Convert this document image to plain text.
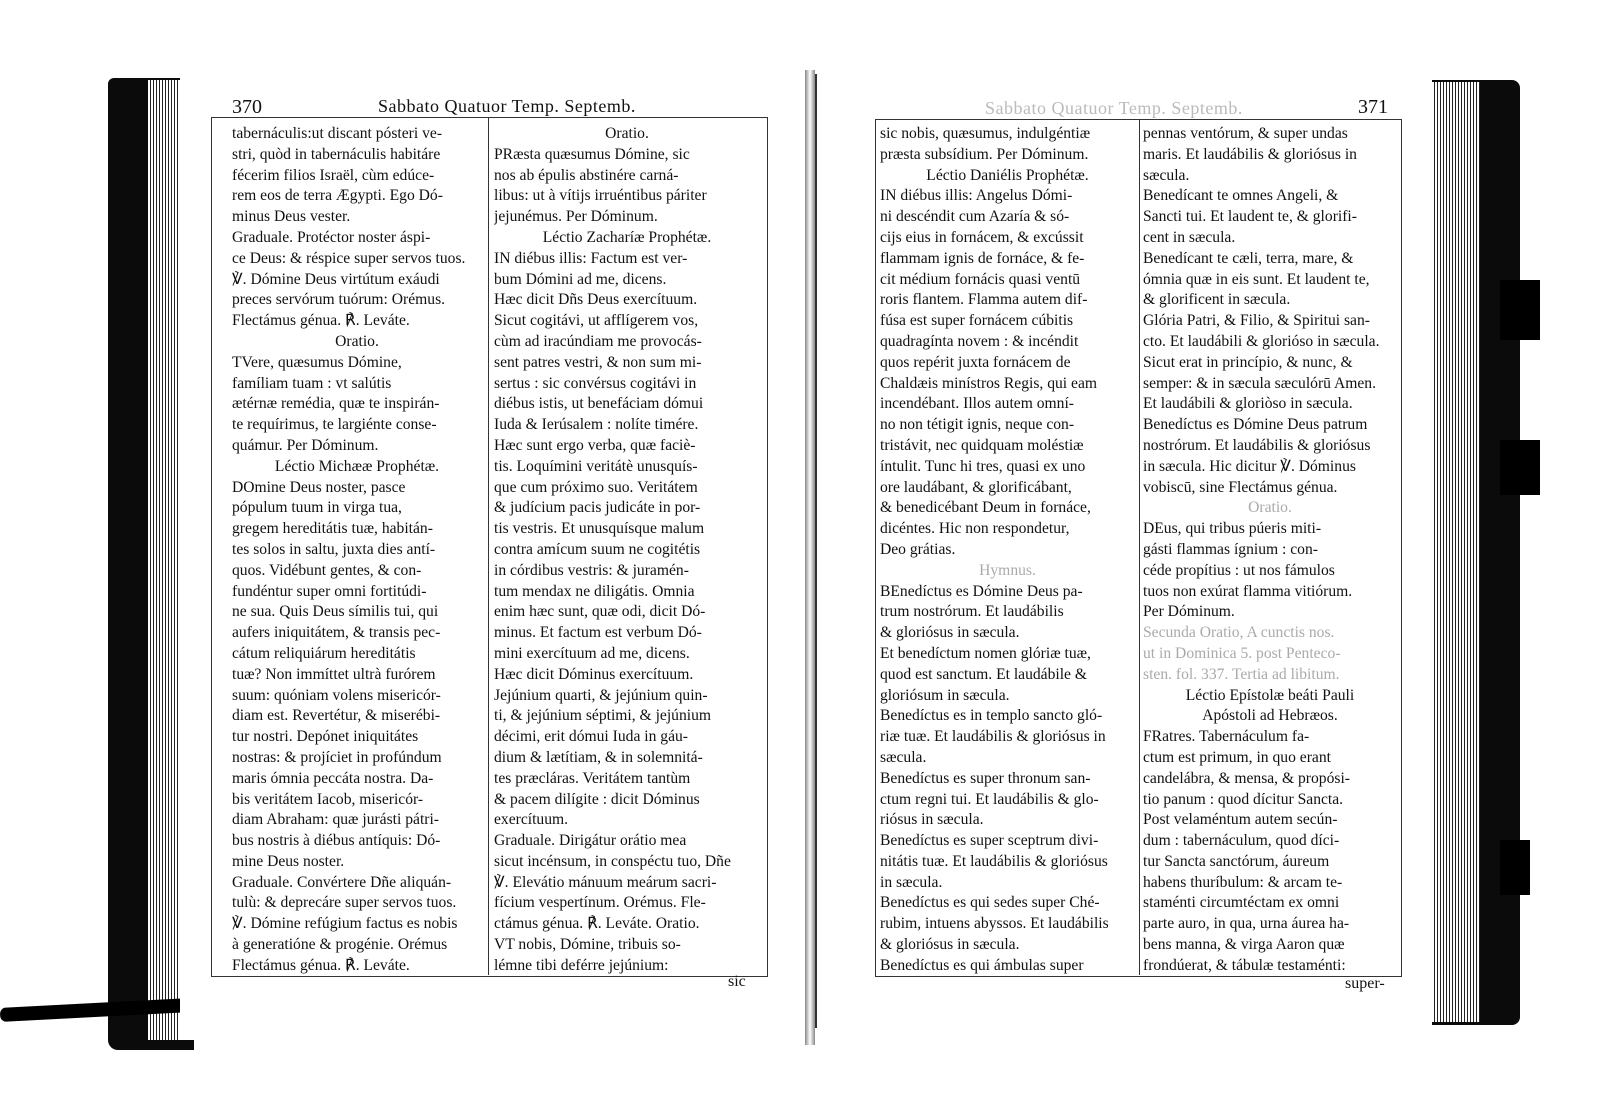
370	Sabbato Quatuor Temp. Septemb.	Sabbato Quatuor Temp. Septemb.	371

tabernáculis:ut discant pósteri ve-

stri, quòd in tabernáculis habitáre

fécerim filios Israël, cùm edúce-

rem eos de terra Ægypti. Ego Dó-

minus Deus vester.

Graduale. Protéctor noster áspi-

ce Deus: & réspice super servos tuos.

℣. Dómine Deus virtútum exáudi

preces servórum tuórum: Orémus.

Flectámus génua. ℟. Leváte.

Oratio.

TVere, quæsumus Dómine,

famíliam tuam : vt salútis

ætérnæ remédia, quæ te inspirán-

te requírimus, te largiénte conse-

quámur. Per Dóminum.

Léctio Michææ Prophétæ.

DOmine Deus noster, pasce

pópulum tuum in virga tua,

gregem hereditátis tuæ, habitán-

tes solos in saltu, juxta dies antí-

quos. Vidébunt gentes, & con-

fundéntur super omni fortitúdi-

ne sua. Quis Deus símilis tui, qui

aufers iniquitátem, & transis pec-

cátum reliquiárum hereditátis

tuæ? Non immíttet ultrà furórem

suum: quóniam volens misericór-

diam est. Revertétur, & miserébi-

tur nostri. Depónet iniquitátes

nostras: & projíciet in profúndum

maris ómnia peccáta nostra. Da-

bis veritátem Iacob, misericór-

diam Abraham: quæ jurásti pátri-

bus nostris à diébus antíquis: Dó-

mine Deus noster.

Graduale. Convértere Dñe aliquán-

tulù: & deprecáre super servos tuos.

℣. Dómine refúgium factus es nobis

à generatióne & progénie. Orémus

Flectámus génua. ℟. Leváte.

Oratio.

PRæsta quæsumus Dómine, sic

nos ab épulis abstinére carná-

libus: ut à vítijs irruéntibus páriter

jejunémus. Per Dóminum.

Léctio Zacharíæ Prophétæ.

IN diébus illis: Factum est ver-

bum Dómini ad me, dicens.

Hæc dicit Dñs Deus exercítuum.

Sicut cogitávi, ut afflígerem vos,

cùm ad iracúndiam me provocás-

sent patres vestri, & non sum mi-

sertus : sic convérsus cogitávi in

diébus istis, ut benefáciam dómui

Iuda & Ierúsalem : nolíte timére.

Hæc sunt ergo verba, quæ faciè-

tis. Loquímini veritátè unusquís-

que cum próximo suo. Veritátem

& judícium pacis judicáte in por-

tis vestris. Et unusquísque malum

contra amícum suum ne cogitétis

in córdibus vestris: & juramén-

tum mendax ne diligátis. Omnia

enim hæc sunt, quæ odi, dicit Dó-

minus. Et factum est verbum Dó-

mini exercítuum ad me, dicens.

Hæc dicit Dóminus exercítuum.

Jejúnium quarti, & jejúnium quin-

ti, & jejúnium séptimi, & jejúnium

décimi, erit dómui Iuda in gáu-

dium & lætítiam, & in solemnitá-

tes præcláras. Veritátem tantùm

& pacem dilígite : dicit Dóminus

exercítuum.

Graduale. Dirigátur orátio mea

sicut incénsum, in conspéctu tuo, Dñe

℣. Elevátio mánuum meárum sacri-

fícium vespertínum. Orémus. Fle-

ctámus génua. ℟. Leváte. Oratio.

VT nobis, Dómine, tribuis so-

lémne tibi deférre jejúnium:

sic nobis, quæsumus, indulgéntiæ

præsta subsídium. Per Dóminum.

Léctio Daniélis Prophétæ.

IN diébus illis: Angelus Dómi-

ni descéndit cum Azaría & só-

cijs eius in fornácem, & excússit

flammam ignis de fornáce, & fe-

cit médium fornácis quasi ventū

roris flantem. Flamma autem dif-

fúsa est super fornácem cúbitis

quadragínta novem : & incéndit

quos repérit juxta fornácem de

Chaldæis minístros Regis, qui eam

incendébant. Illos autem omní-

no non tétigit ignis, neque con-

tristávit, nec quidquam moléstiæ

íntulit. Tunc hi tres, quasi ex uno

ore laudábant, & glorificábant,

& benedicébant Deum in fornáce,

dicéntes. Hic non respondetur,

Deo grátias.

Hymnus.

BEnedíctus es Dómine Deus pa-

trum nostrórum. Et laudábilis

& gloriósus in sæcula.

Et benedíctum nomen glóriæ tuæ,

quod est sanctum. Et laudábile &

gloriósum in sæcula.

Benedíctus es in templo sancto gló-

riæ tuæ. Et laudábilis & gloriósus in

sæcula.

Benedíctus es super thronum san-

ctum regni tui. Et laudábilis & glo-

riósus in sæcula.

Benedíctus es super sceptrum divi-

nitátis tuæ. Et laudábilis & gloriósus

in sæcula.

Benedíctus es qui sedes super Ché-

rubim, intuens abyssos. Et laudábilis

& gloriósus in sæcula.

Benedíctus es qui ámbulas super

pennas ventórum, & super undas

maris. Et laudábilis & gloriósus in

sæcula.

Benedícant te omnes Angeli, &

Sancti tui. Et laudent te, & glorifi-

cent in sæcula.

Benedícant te cæli, terra, mare, &

ómnia quæ in eis sunt. Et laudent te,

& glorificent in sæcula.

Glória Patri, & Filio, & Spiritui san-

cto. Et laudábili & glorióso in sæcula.

Sicut erat in princípio, & nunc, &

semper: & in sæcula sæculórū Amen.

Et laudábili & gloriòso in sæcula.

Benedíctus es Dómine Deus patrum

nostrórum. Et laudábilis & gloriósus

in sæcula. Hic dicitur ℣. Dóminus

vobiscū, sine Flectámus génua.

Oratio.

DEus, qui tribus púeris miti-

gásti flammas ígnium : con-

céde propítius : ut nos fámulos

tuos non exúrat flamma vitiórum.

Per Dóminum.

Secunda Oratio, A cunctis nos.

ut in Dominica 5. post Penteco-

sten. fol. 337. Tertia ad libitum.

Léctio Epístolæ beáti Pauli

Apóstoli ad Hebræos.

FRatres. Tabernáculum fa-

ctum est primum, in quo erant

candelábra, & mensa, & propósi-

tio panum : quod dícitur Sancta.

Post velaméntum autem secún-

dum : tabernáculum, quod díci-

tur Sancta sanctórum, áureum

habens thuríbulum: & arcam te-

staménti circumtéctam ex omni

parte auro, in qua, urna áurea ha-

bens manna, & virga Aaron quæ

frondúerat, & tábulæ testaménti:

sic	super-
